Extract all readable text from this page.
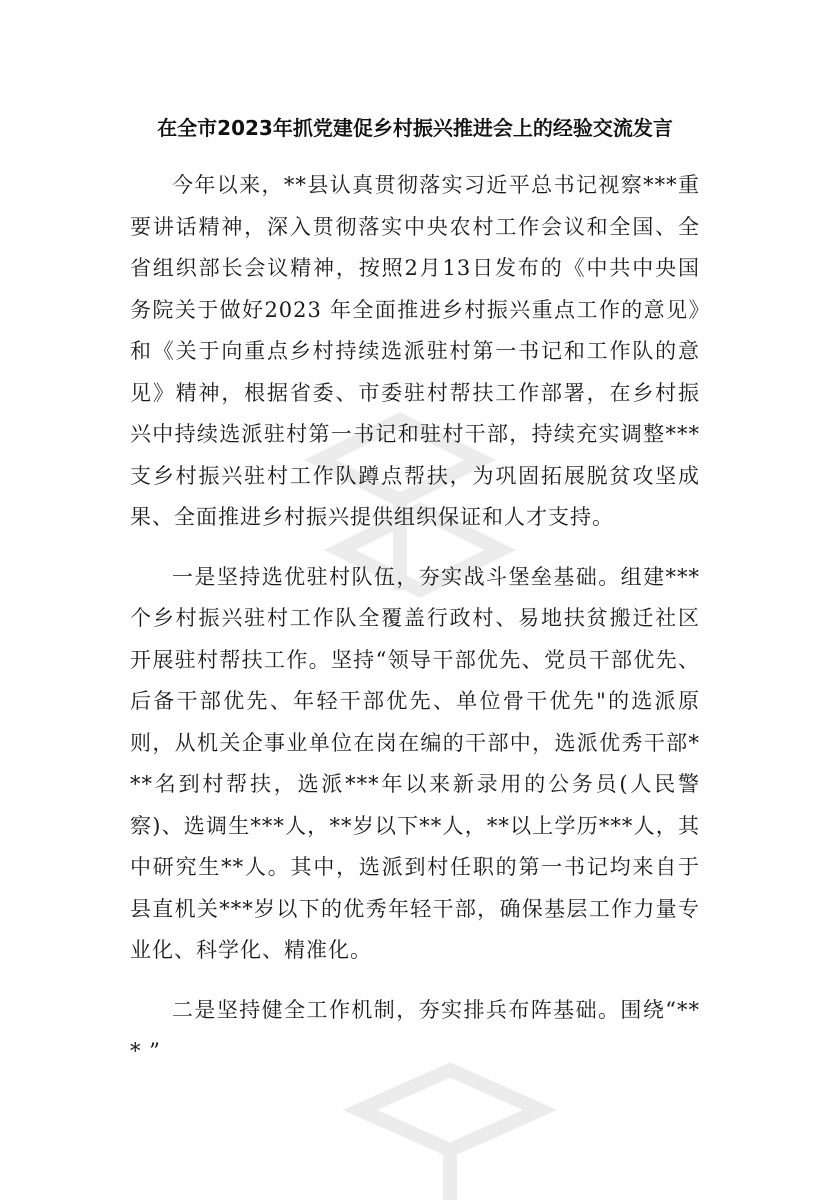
在全市2023年抓党建促乡村振兴推进会上的经验交流发言

今年以来，**县认真贯彻落实习近平总书记视察***重要讲话精神，深入贯彻落实中央农村工作会议和全国、全省组织部长会议精神，按照2月13日发布的《中共中央国务院关于做好2023 年全面推进乡村振兴重点工作的意见》和《关于向重点乡村持续选派驻村第一书记和工作队的意见》精神，根据省委、市委驻村帮扶工作部署，在乡村振兴中持续选派驻村第一书记和驻村干部，持续充实调整***支乡村振兴驻村工作队蹲点帮扶，为巩固拓展脱贫攻坚成果、全面推进乡村振兴提供组织保证和人才支持。

一是坚持选优驻村队伍，夯实战斗堡垒基础。组建***个乡村振兴驻村工作队全覆盖行政村、易地扶贫搬迁社区开展驻村帮扶工作。坚持“领导干部优先、党员干部优先、后备干部优先、年轻干部优先、单位骨干优先"的选派原则，从机关企事业单位在岗在编的干部中，选派优秀干部***名到村帮扶，选派***年以来新录用的公务员(人民警察)、选调生***人，**岁以下**人，**以上学历***人，其中研究生**人。其中，选派到村任职的第一书记均来自于县直机关***岁以下的优秀年轻干部，确保基层工作力量专业化、科学化、精准化。

二是坚持健全工作机制，夯实排兵布阵基础。围绕“*** ”
